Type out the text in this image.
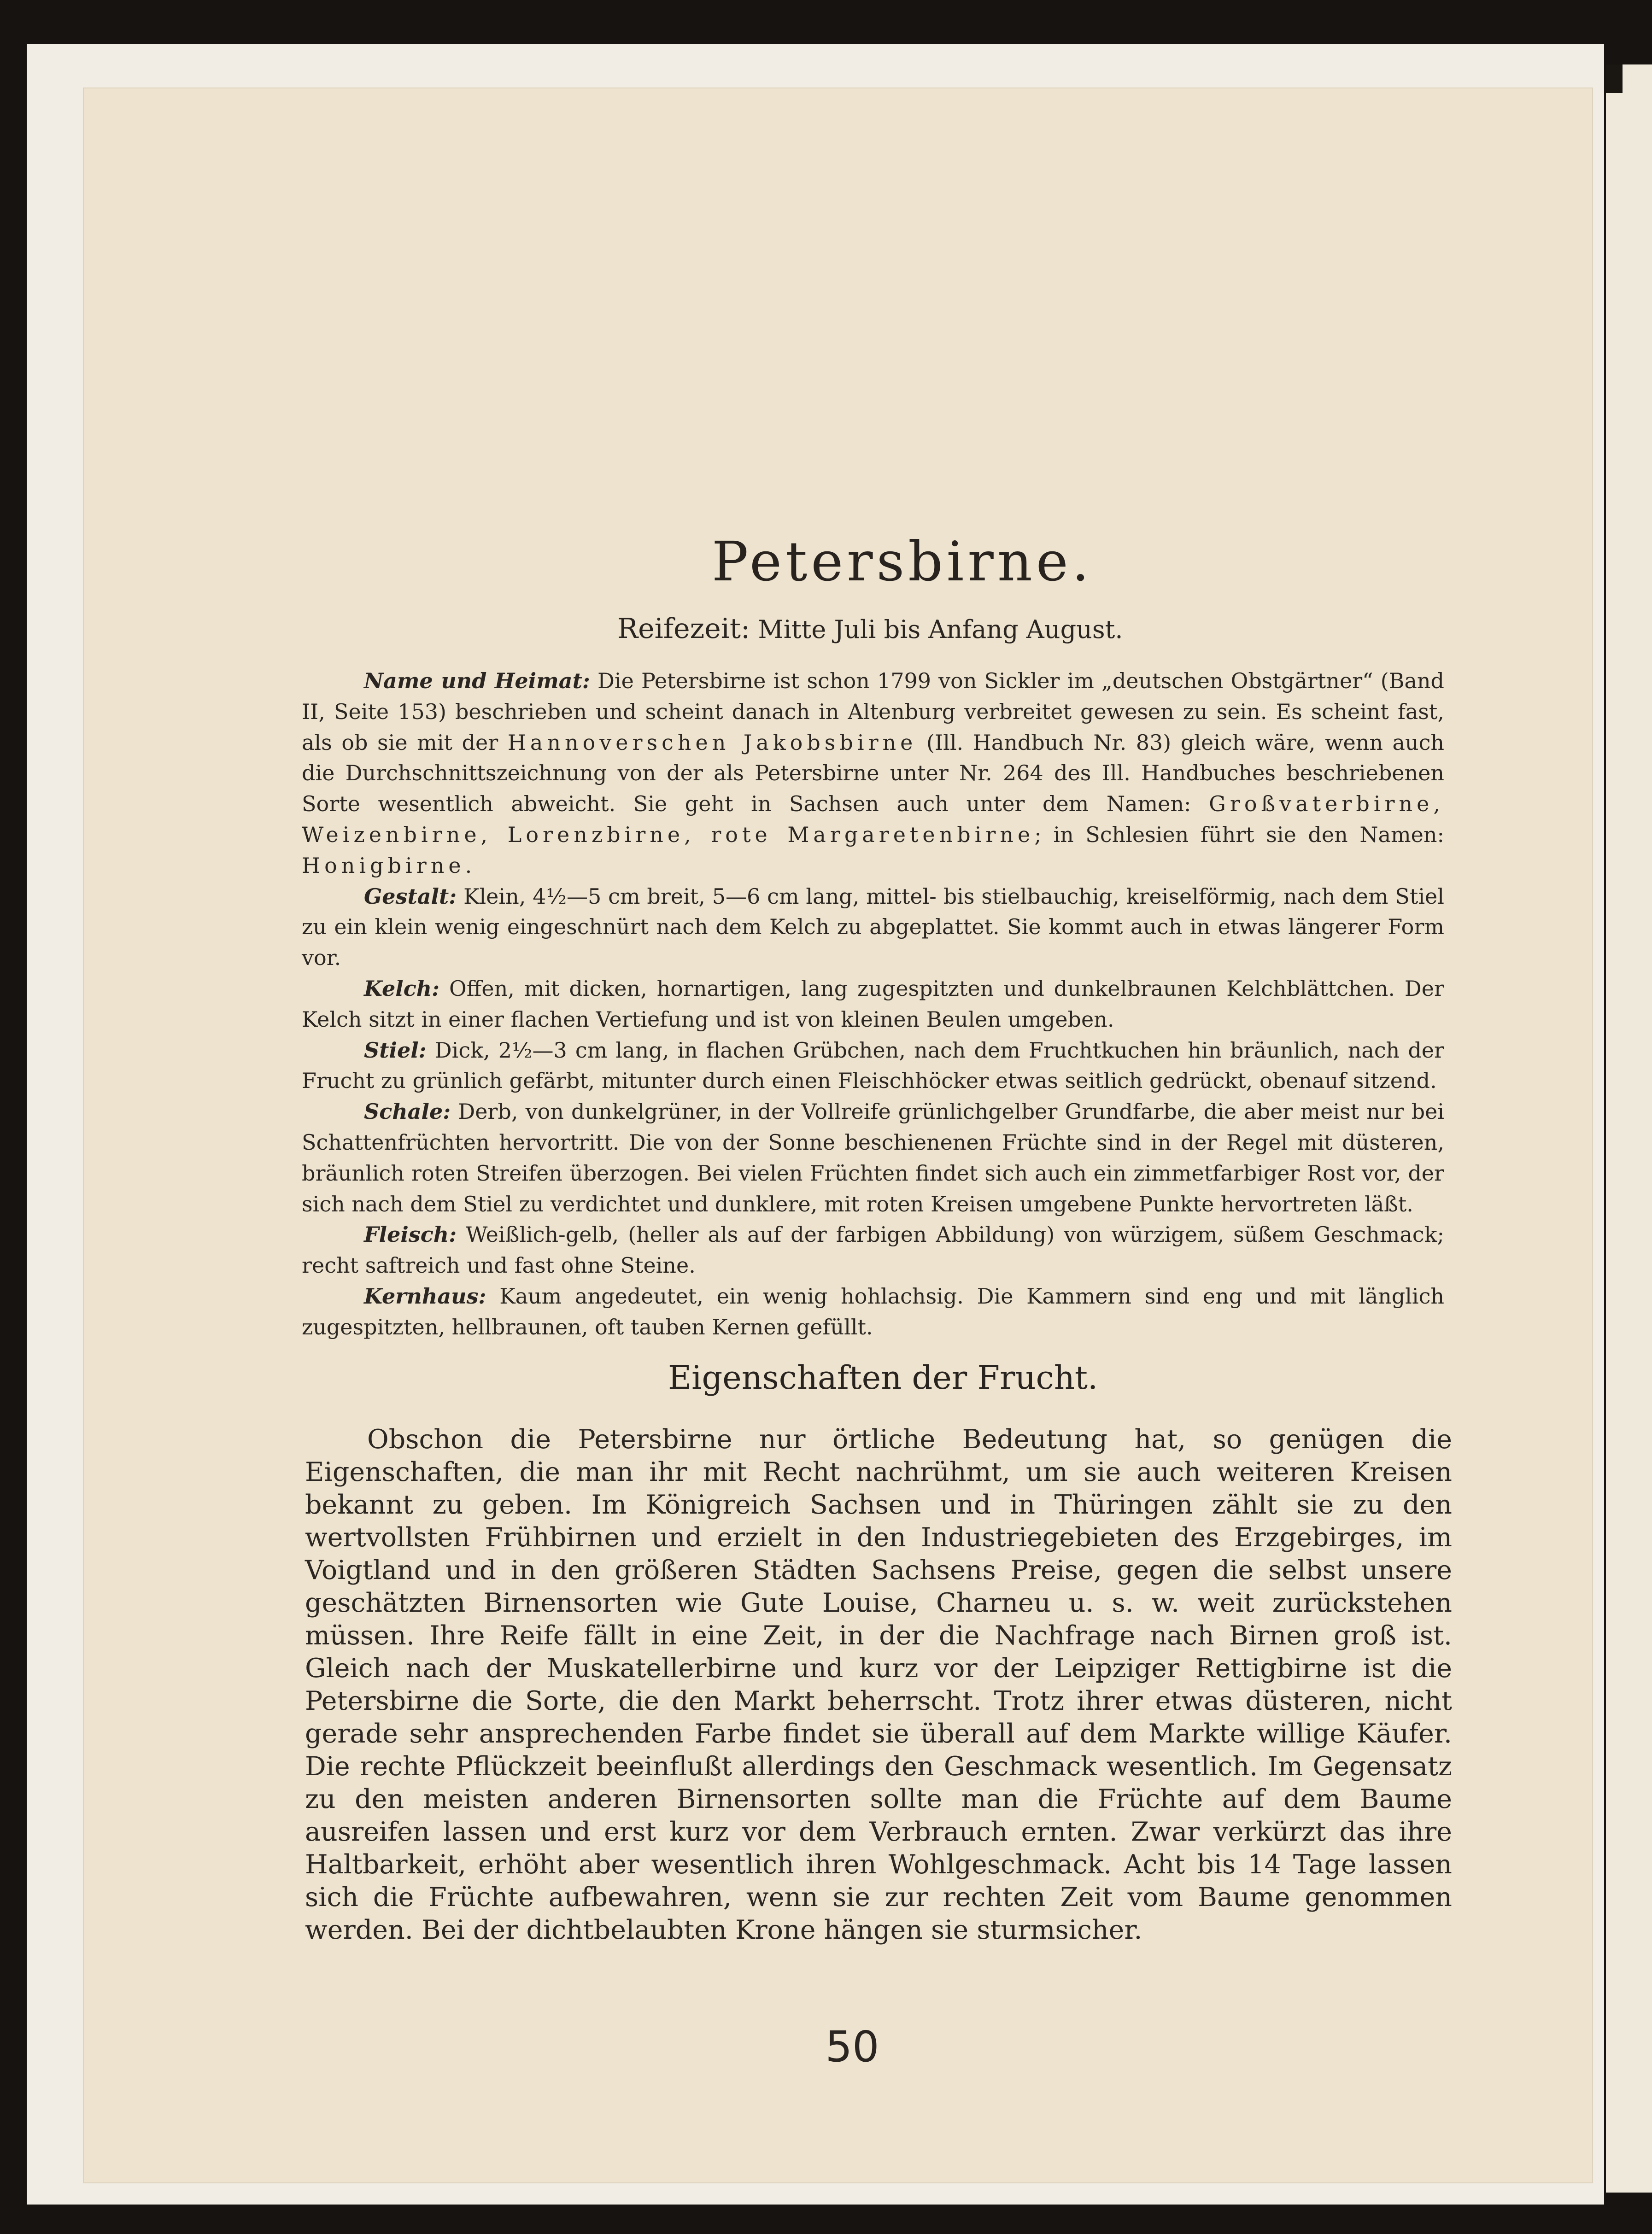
Petersbirne.
Reifezeit: Mitte Juli bis Anfang August.

Name und Heimat: Die Petersbirne ist schon 1799 von Sickler im „deutschen Obstgärtner“ (Band II, Seite 153) beschrieben und scheint danach in Altenburg verbreitet gewesen zu sein. Es scheint fast, als ob sie mit der Hannoverschen Jakobsbirne (Ill. Handbuch Nr. 83) gleich wäre, wenn auch die Durchschnittszeichnung von der als Petersbirne unter Nr. 264 des Ill. Handbuches beschriebenen Sorte wesentlich abweicht. Sie geht in Sachsen auch unter dem Namen: Großvaterbirne, Weizenbirne, Lorenzbirne, rote Margaretenbirne; in Schlesien führt sie den Namen: Honigbirne.

Gestalt: Klein, 4½—5 cm breit, 5—6 cm lang, mittel- bis stielbauchig, kreiselförmig, nach dem Stiel zu ein klein wenig eingeschnürt nach dem Kelch zu abgeplattet. Sie kommt auch in etwas längerer Form vor.

Kelch: Offen, mit dicken, hornartigen, lang zugespitzten und dunkelbraunen Kelchblättchen. Der Kelch sitzt in einer flachen Vertiefung und ist von kleinen Beulen umgeben.

Stiel: Dick, 2½—3 cm lang, in flachen Grübchen, nach dem Fruchtkuchen hin bräunlich, nach der Frucht zu grünlich gefärbt, mitunter durch einen Fleischhöcker etwas seitlich gedrückt, obenauf sitzend.

Schale: Derb, von dunkelgrüner, in der Vollreife grünlichgelber Grundfarbe, die aber meist nur bei Schattenfrüchten hervortritt. Die von der Sonne beschienenen Früchte sind in der Regel mit düsteren, bräunlich roten Streifen überzogen. Bei vielen Früchten findet sich auch ein zimmetfarbiger Rost vor, der sich nach dem Stiel zu verdichtet und dunklere, mit roten Kreisen umgebene Punkte hervortreten läßt.

Fleisch: Weißlich-gelb, (heller als auf der farbigen Abbildung) von würzigem, süßem Geschmack; recht saftreich und fast ohne Steine.

Kernhaus: Kaum angedeutet, ein wenig hohlachsig. Die Kammern sind eng und mit länglich zugespitzten, hellbraunen, oft tauben Kernen gefüllt.

Eigenschaften der Frucht.

Obschon die Petersbirne nur örtliche Bedeutung hat, so genügen die Eigenschaften, die man ihr mit Recht nachrühmt, um sie auch weiteren Kreisen bekannt zu geben. Im Königreich Sachsen und in Thüringen zählt sie zu den wertvollsten Frühbirnen und erzielt in den Industriegebieten des Erzgebirges, im Voigtland und in den größeren Städten Sachsens Preise, gegen die selbst unsere geschätzten Birnensorten wie Gute Louise, Charneu u. s. w. weit zurückstehen müssen. Ihre Reife fällt in eine Zeit, in der die Nachfrage nach Birnen groß ist. Gleich nach der Muskatellerbirne und kurz vor der Leipziger Rettigbirne ist die Petersbirne die Sorte, die den Markt beherrscht. Trotz ihrer etwas düsteren, nicht gerade sehr ansprechenden Farbe findet sie überall auf dem Markte willige Käufer. Die rechte Pflückzeit beeinflußt allerdings den Geschmack wesentlich. Im Gegensatz zu den meisten anderen Birnensorten sollte man die Früchte auf dem Baume ausreifen lassen und erst kurz vor dem Verbrauch ernten. Zwar verkürzt das ihre Haltbarkeit, erhöht aber wesentlich ihren Wohlgeschmack. Acht bis 14 Tage lassen sich die Früchte aufbewahren, wenn sie zur rechten Zeit vom Baume genommen werden. Bei der dichtbelaubten Krone hängen sie sturmsicher.

50
